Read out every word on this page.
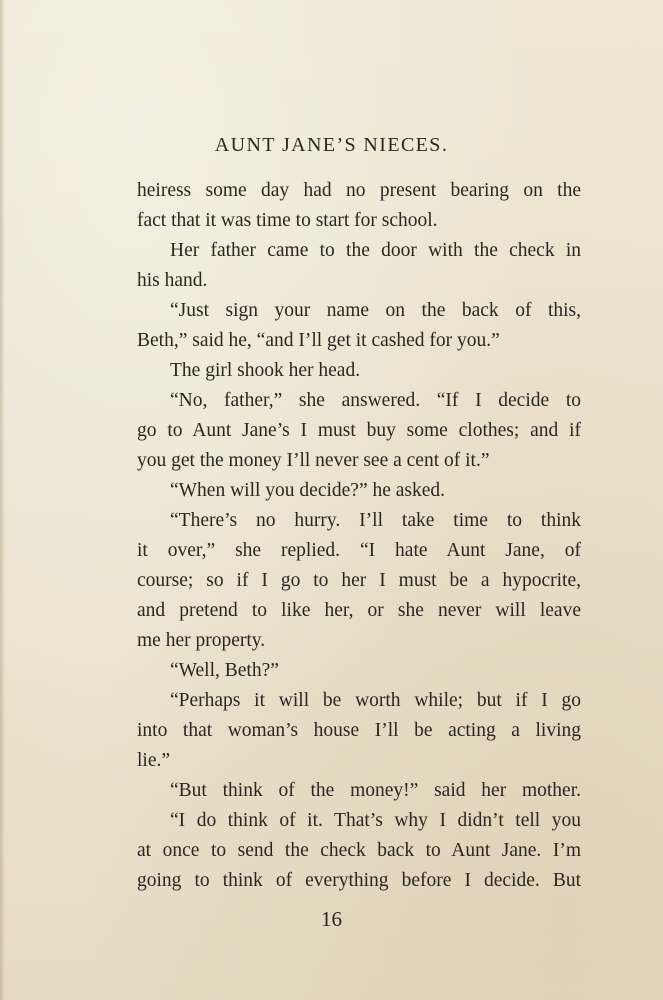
AUNT JANE’S NIECES.
heiress some day had no present bearing on the
fact that it was time to start for school.
Her father came to the door with the check in
his hand.
“Just sign your name on the back of this,
Beth,” said he, “and I’ll get it cashed for you.”
The girl shook her head.
“No, father,” she answered. “If I decide to
go to Aunt Jane’s I must buy some clothes; and if
you get the money I’ll never see a cent of it.”
“When will you decide?” he asked.
“There’s no hurry. I’ll take time to think
it over,” she replied. “I hate Aunt Jane, of
course; so if I go to her I must be a hypocrite,
and pretend to like her, or she never will leave
me her property.
“Well, Beth?”
“Perhaps it will be worth while; but if I go
into that woman’s house I’ll be acting a living
lie.”
“But think of the money!” said her mother.
“I do think of it. That’s why I didn’t tell you
at once to send the check back to Aunt Jane. I’m
going to think of everything before I decide. But
16
